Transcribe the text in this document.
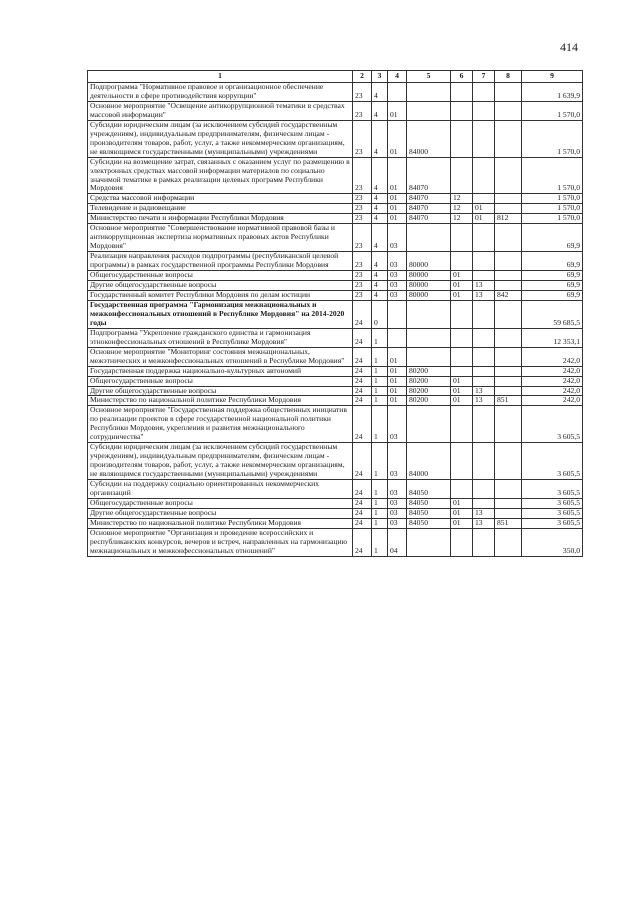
414
1	2	3	4	5	6	7	8	9
Подпрограмма "Нормативное правовое и организационное обеспечение деятельности в сфере противодействия коррупции"	23	4						1 639,9
Основное мероприятие "Освещение антикоррупционной тематики в средствах массовой информации"	23	4	01					1 570,0
Субсидии юридическим лицам (за исключением субсидий государственным учреждениям), индивидуальным предпринимателям, физическим лицам - производителям товаров, работ, услуг, а также некоммерческим организациям, не являющимся государственными (муниципальными) учреждениями	23	4	01	84000				1 570,0
Субсидии на возмещение затрат, связанных с оказанием услуг по размещению в электронных средствах массовой информации материалов по социально значимой тематике в рамках реализации целевых программ Республики Мордовия	23	4	01	84070				1 570,0
Средства массовой информации	23	4	01	84070	12			1 570,0
Телевидение и радиовещание	23	4	01	84070	12	01		1 570,0
Министерство печати и информации Республики Мордовия	23	4	01	84070	12	01	812	1 570,0
Основное мероприятие "Совершенствование нормативной правовой базы и антикоррупционная экспертиза нормативных правовых актов Республики Мордовия"	23	4	03					69,9
Реализация направления расходов подпрограммы (республиканской целевой программы) в рамках государственной программы Республики Мордовия	23	4	03	80000				69,9
Общегосударственные вопросы	23	4	03	80000	01			69,9
Другие общегосударственные вопросы	23	4	03	80000	01	13		69,9
Государственный комитет Республики Мордовия по делам юстиции	23	4	03	80000	01	13	842	69,9
Государственная программа "Гармонизация межнациональных и межконфессиональных отношений в Республике Мордовия" на 2014-2020 годы	24	0						59 685,5
Подпрограмма "Укрепление гражданского единства и гармонизация этноконфессиональных отношений в Республике Мордовия"	24	1						12 353,1
Основное мероприятие "Мониторинг состояния межнациональных, межэтнических и межконфессиональных отношений в Республике Мордовия"	24	1	01					242,0
Государственная поддержка национально-культурных автономий	24	1	01	80200				242,0
Общегосударственные вопросы	24	1	01	80200	01			242,0
Другие общегосударственные вопросы	24	1	01	80200	01	13		242,0
Министерство по национальной политике Республики Мордовия	24	1	01	80200	01	13	851	242,0
Основное мероприятие "Государственная поддержка общественных инициатив по реализации проектов в сфере государственной национальной политики Республики Мордовия, укрепления и развития межнационального сотрудничества"	24	1	03					3 605,5
Субсидии юридическим лицам (за исключением субсидий государственным учреждениям), индивидуальным предпринимателям, физическим лицам - производителям товаров, работ, услуг, а также некоммерческим организациям, не являющимся государственными (муниципальными) учреждениями	24	1	03	84000				3 605,5
Субсидии на поддержку социально ориентированных некоммерческих организаций	24	1	03	84050				3 605,5
Общегосударственные вопросы	24	1	03	84050	01			3 605,5
Другие общегосударственные вопросы	24	1	03	84050	01	13		3 605,5
Министерство по национальной политике Республики Мордовия	24	1	03	84050	01	13	851	3 605,5
Основное мероприятие "Организация и проведение всероссийских и республиканских конкурсов, вечеров и встреч, направленных на гармонизацию межнациональных и межконфессиональных отношений"	24	1	04					350,0
